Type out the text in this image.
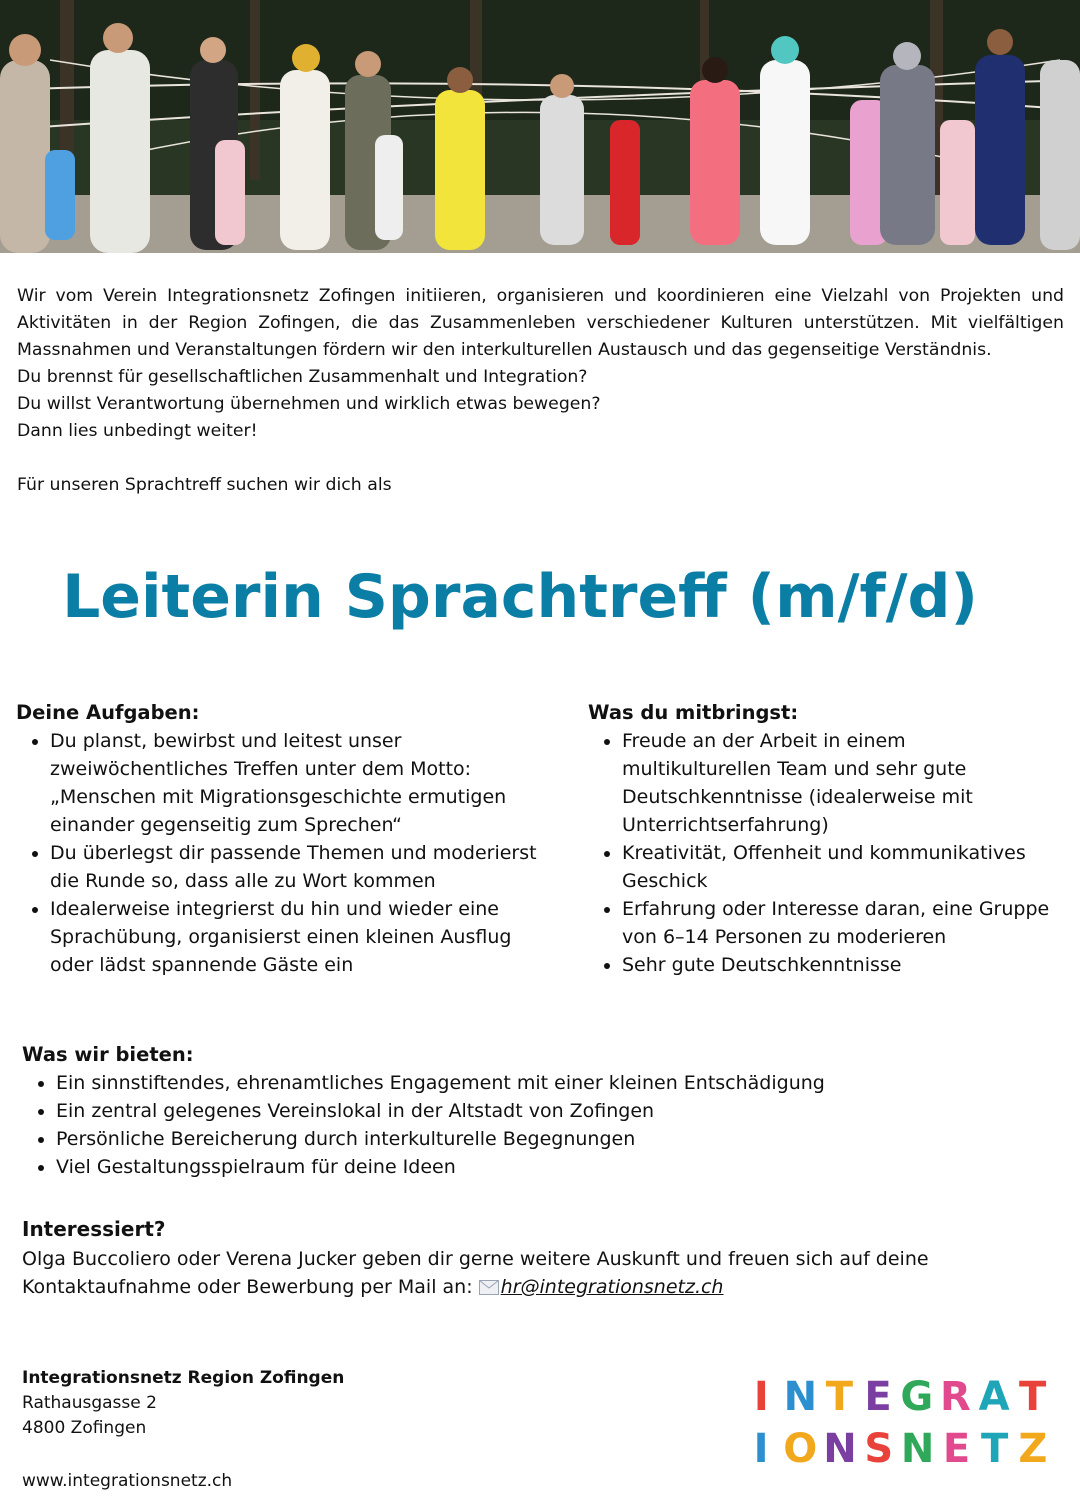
Wir vom Verein Integrationsnetz Zofingen initiieren, organisieren und koordinieren eine Vielzahl von Projekten und Aktivitäten in der Region Zofingen, die das Zusammenleben verschiedener Kulturen unterstützen. Mit vielfältigen Massnahmen und Veranstaltungen fördern wir den interkulturellen Austausch und das gegenseitige Verständnis.

Du brennst für gesellschaftlichen Zusammenhalt und Integration?

Du willst Verantwortung übernehmen und wirklich etwas bewegen?

Dann lies unbedingt weiter!

Für unseren Sprachtreff suchen wir dich als

Leiterin Sprachtreff (m/f/d)
Deine Aufgaben:
• Du planst, bewirbst und leitest unser zweiwöchentliches Treffen unter dem Motto: „Menschen mit Migrationsgeschichte ermutigen einander gegenseitig zum Sprechen“
• Du überlegst dir passende Themen und moderierst die Runde so, dass alle zu Wort kommen
• Idealerweise integrierst du hin und wieder eine Sprachübung, organisierst einen kleinen Ausflug oder lädst spannende Gäste ein
Was du mitbringst:
• Freude an der Arbeit in einem multikulturellen Team und sehr gute Deutschkenntnisse (idealerweise mit Unterrichtserfahrung)
• Kreativität, Offenheit und kommunikatives Geschick
• Erfahrung oder Interesse daran, eine Gruppe von 6–14 Personen zu moderieren
• Sehr gute Deutschkenntnisse
Was wir bieten:
• Ein sinnstiftendes, ehrenamtliches Engagement mit einer kleinen Entschädigung
• Ein zentral gelegenes Vereinslokal in der Altstadt von Zofingen
• Persönliche Bereicherung durch interkulturelle Begegnungen
• Viel Gestaltungsspielraum für deine Ideen
Interessiert?

Olga Buccoliero oder Verena Jucker geben dir gerne weitere Auskunft und freuen sich auf deine Kontaktaufnahme oder Bewerbung per Mail an: hr@integrationsnetz.ch

Integrationsnetz Region Zofingen
Rathausgasse 2
4800 Zofingen
www.integrationsnetz.ch
I N T E G R A T
I O N S N E T Z
